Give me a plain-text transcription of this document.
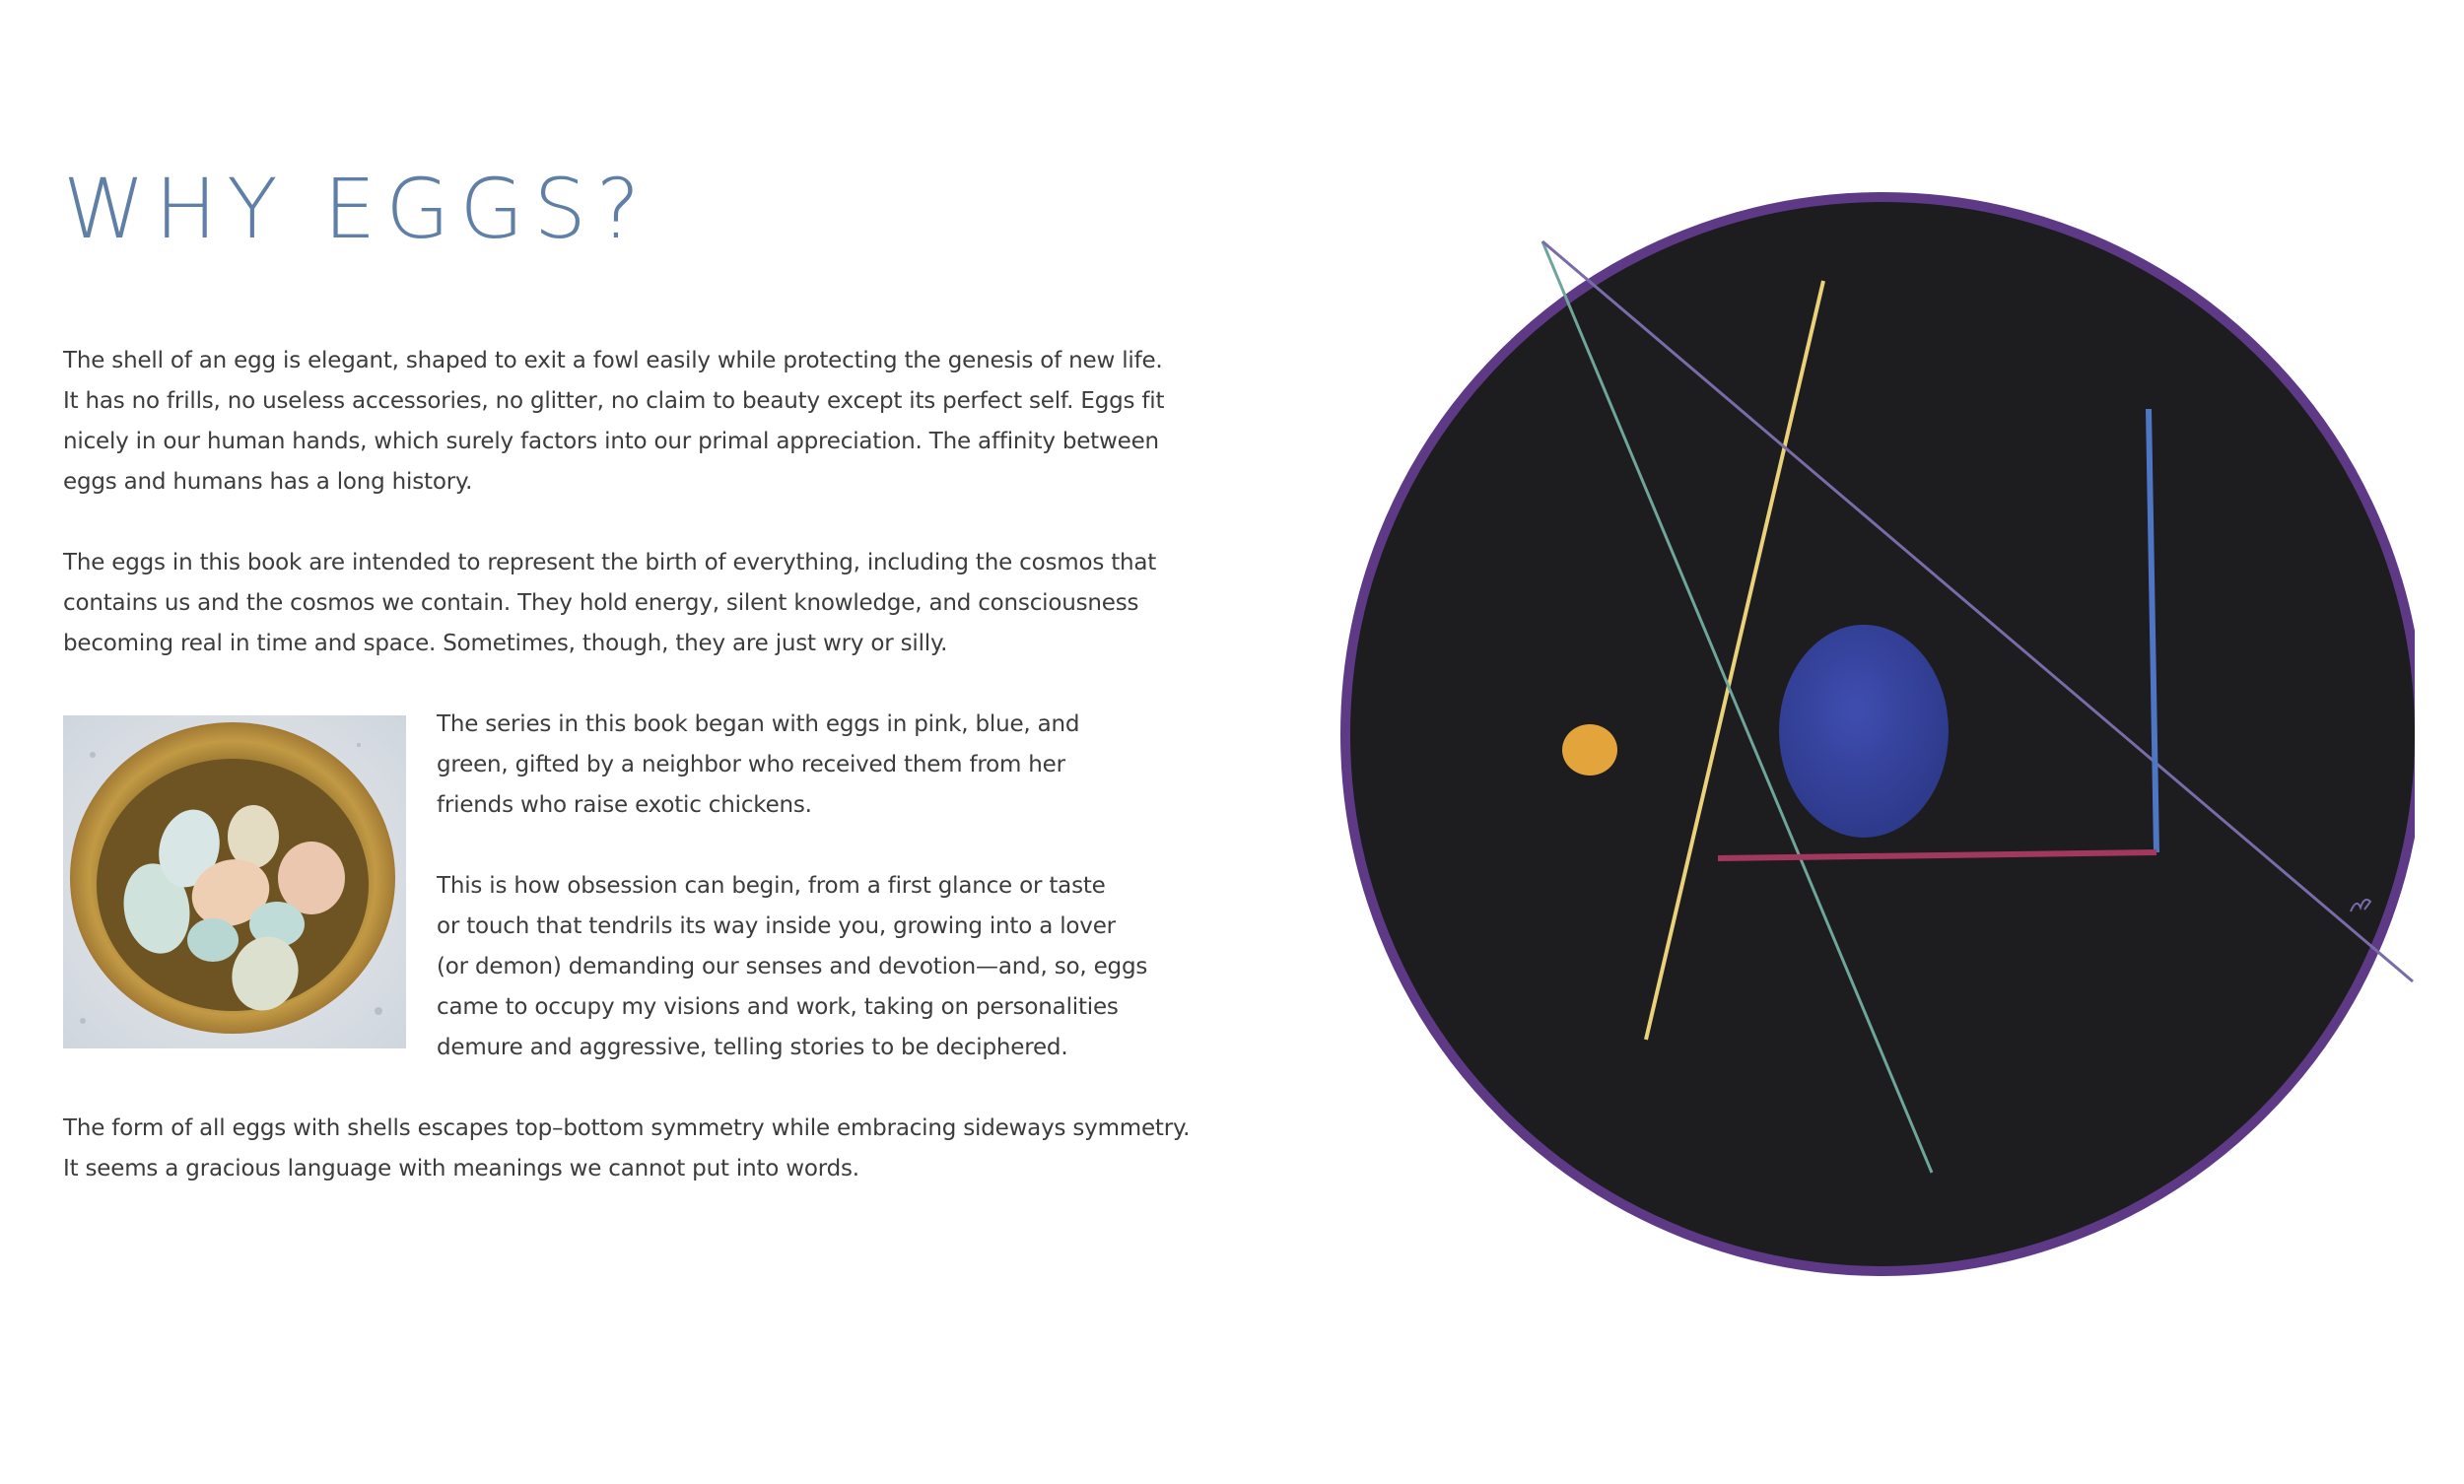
WHY EGGS?
The shell of an egg is elegant, shaped to exit a fowl easily while protecting the genesis of new life.
It has no frills, no useless accessories, no glitter, no claim to beauty except its perfect self. Eggs fit
nicely in our human hands, which surely factors into our primal appreciation. The affinity between
eggs and humans has a long history.
The eggs in this book are intended to represent the birth of everything, including the cosmos that
contains us and the cosmos we contain. They hold energy, silent knowledge, and consciousness
becoming real in time and space. Sometimes, though, they are just wry or silly.
The series in this book began with eggs in pink, blue, and
green, gifted by a neighbor who received them from her
friends who raise exotic chickens.
This is how obsession can begin, from a first glance or taste
or touch that tendrils its way inside you, growing into a lover
(or demon) demanding our senses and devotion—and, so, eggs
came to occupy my visions and work, taking on personalities
demure and aggressive, telling stories to be deciphered.
The form of all eggs with shells escapes top–bottom symmetry while embracing sideways symmetry.
It seems a gracious language with meanings we cannot put into words.
